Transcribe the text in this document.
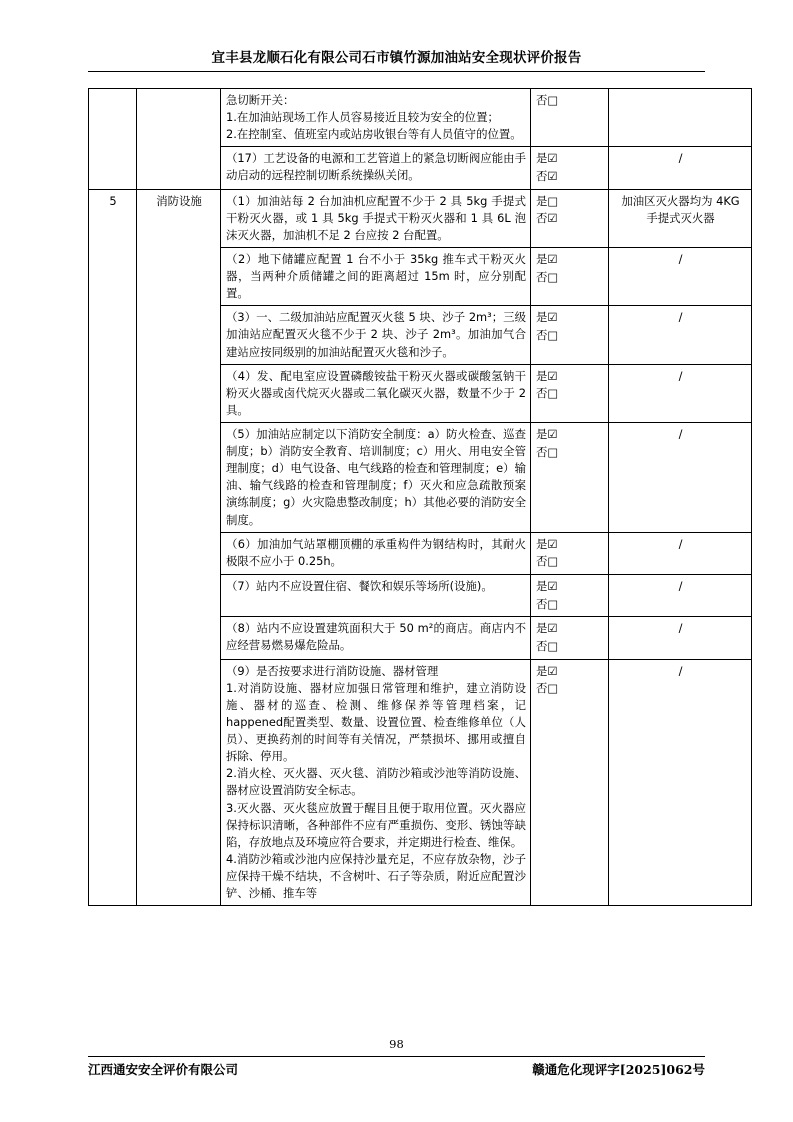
宜丰县龙顺石化有限公司石市镇竹源加油站安全现状评价报告

		急切断开关：

1.在加油站现场工作人员容易接近且较为安全的位置；

2.在控制室、值班室内或站房收银台等有人员值守的位置。	否□	

		（17）工艺设备的电源和工艺管道上的紧急切断阀应能由手动启动的远程控制切断系统操纵关闭。	是☑
否☑	/
5	消防设施	（1）加油站每 2 台加油机应配置不少于 2 具 5kg 手提式干粉灭火器，或 1 具 5kg 手提式干粉灭火器和 1 具 6L 泡沫灭火器，加油机不足 2 台应按 2 台配置。	是□
否☑	加油区灭火器均为 4KG 手提式灭火器

		（2）地下储罐应配置 1 台不小于 35kg 推车式干粉灭火器，当两种介质储罐之间的距离超过 15m 时，应分别配置。	是☑
否□	/

		（3）一、二级加油站应配置灭火毯 5 块、沙子 2m³；三级加油站应配置灭火毯不少于 2 块、沙子 2m³。加油加气合建站应按同级别的加油站配置灭火毯和沙子。	是☑
否□	/

		（4）发、配电室应设置磷酸铵盐干粉灭火器或碳酸氢钠干粉灭火器或卤代烷灭火器或二氧化碳灭火器，数量不少于 2 具。	是☑
否□	/

		（5）加油站应制定以下消防安全制度：a）防火检查、巡查制度；b）消防安全教育、培训制度；c）用火、用电安全管理制度；d）电气设备、电气线路的检查和管理制度；e）输油、输气线路的检查和管理制度；f）灭火和应急疏散预案演练制度；g）火灾隐患整改制度；h）其他必要的消防安全制度。	是☑
否□	/

		（6）加油加气站罩棚顶棚的承重构件为钢结构时，其耐火极限不应小于 0.25h。	是☑
否□	/

		（7）站内不应设置住宿、餐饮和娱乐等场所(设施)。	是☑
否□	/

		（8）站内不应设置建筑面积大于 50 m²的商店。商店内不应经营易燃易爆危险品。	是☑
否□	/

（9）是否按要求进行消防设施、器材管理

1.对消防设施、器材应加强日常管理和维护，建立消防设施、器材的巡查、检测、维修保养等管理档案，记happened配置类型、数量、设置位置、检查维修单位（人员）、更换药剂的时间等有关情况，严禁损坏、挪用或擅自拆除、停用。

2.消火栓、灭火器、灭火毯、消防沙箱或沙池等消防设施、器材应设置消防安全标志。

3.灭火器、灭火毯应放置于醒目且便于取用位置。灭火器应保持标识清晰，各种部件不应有严重损伤、变形、锈蚀等缺陷，存放地点及环境应符合要求，并定期进行检查、维保。

4.消防沙箱或沙池内应保持沙量充足，不应存放杂物，沙子应保持干燥不结块，不含树叶、石子等杂质，附近应配置沙铲、沙桶、推车等

是☑
否□
	/
98
江西通安安全评价有限公司	赣通危化现评字[2025]062号
